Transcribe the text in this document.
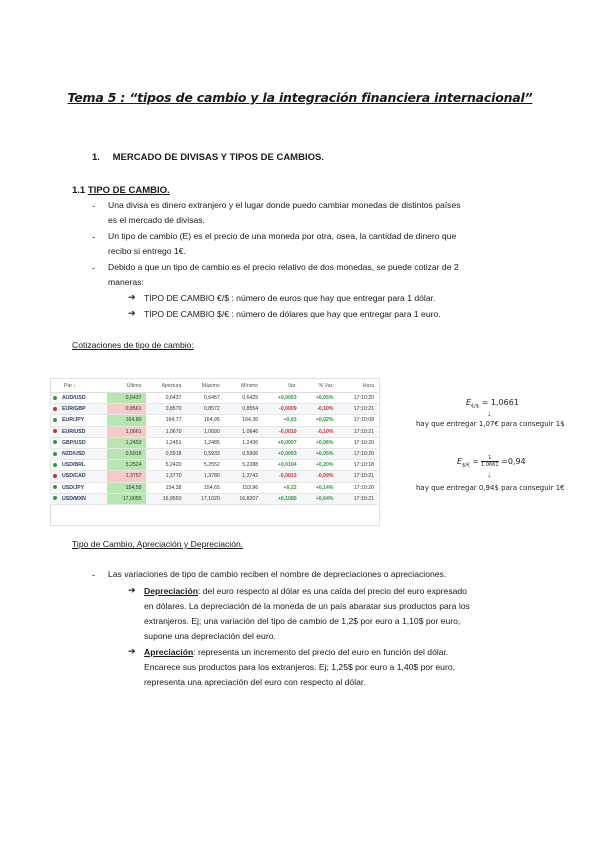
Tema 5 : “tipos de cambio y la integración financiera internacional”
1. MERCADO DE DIVISAS Y TIPOS DE CAMBIOS.
1.1 TIPO DE CAMBIO.
- Una divisa es dinero extranjero y el lugar donde puedo cambiar monedas de distintos países
es el mercado de divisas.
- Un tipo de cambio (E) es el precio de una moneda por otra, osea, la cantidad de dinero que
recibo si entrego 1€.
- Debido a que un tipo de cambio es el precio relativo de dos monedas, se puede cotizar de 2
maneras:
➔ TIPO DE CAMBIO €/$ : número de euros que hay que entregar para 1 dólar.
➔ TIPO DE CAMBIO $/€ : número de dólares que hay que entregar para 1 euro.
Cotizaciones de tipo de cambio:
Par ↓	Último	Apertura	Máximo	Mínimo	Var.	% Var.	Hora
AUD/USD	0,6437	0,6437	0,6457	0,6425	+0,0003	+0,05%	17:10:20
EUR/GBP	0,8561	0,8570	0,8572	0,8554	-0,0009	-0,10%	17:10:21
EUR/JPY	164,80	164,77	164,95	164,36	+0,03	+0,02%	17:10:08
EUR/USD	1,0661	1,0670	1,0690	1,0646	-0,0010	-0,10%	17:10:21
GBP/USD	1,2453	1,2451	1,2485	1,2436	+0,0007	+0,06%	17:10:20
NZD/USD	0,5918	0,5918	0,5933	0,5906	+0,0003	+0,05%	17:10:20
USD/BRL	5,2524	5,2420	5,2552	5,2288	+0,0104	+0,20%	17:10:18
USD/CAD	1,3757	1,3770	1,3780	1,3742	-0,0013	-0,09%	17:10:21
USD/JPY	154,59	154,38	154,65	153,96	+0,22	+0,14%	17:10:20
USD/MXN	17,0055	16,9550	17,1020	16,8207	+0,1085	+0,64%	17:10:21
$E_{€/\$} = 1,0661$
↓
hay que entregar 1,07€ para conseguir 1$
$E_{\$/€} = \frac{1}{1,0661} =0,94$
↓
hay que entregar 0,94$ para conseguir 1€
Tipo de Cambio, Apreciación y Depreciación.
- Las variaciones de tipo de cambio reciben el nombre de depreciaciones o apreciaciones.
➔ Depreciación: del euro respecto al dólar es una caída del precio del euro expresado
en dólares. La depreciación de la moneda de un país abaratar sus productos para los
extranjeros. Ej; una variación del tipo de cambio de 1,2$ por euro a 1,10$ por euro,
supone una depreciación del euro.
➔ Apreciación: representa un incremento del precio del euro en función del dólar.
Encarece sus productos para los extranjeros. Ej; 1,25$ por euro a 1,40$ por euro,
representa una apreciación del euro con respecto al dólar.
